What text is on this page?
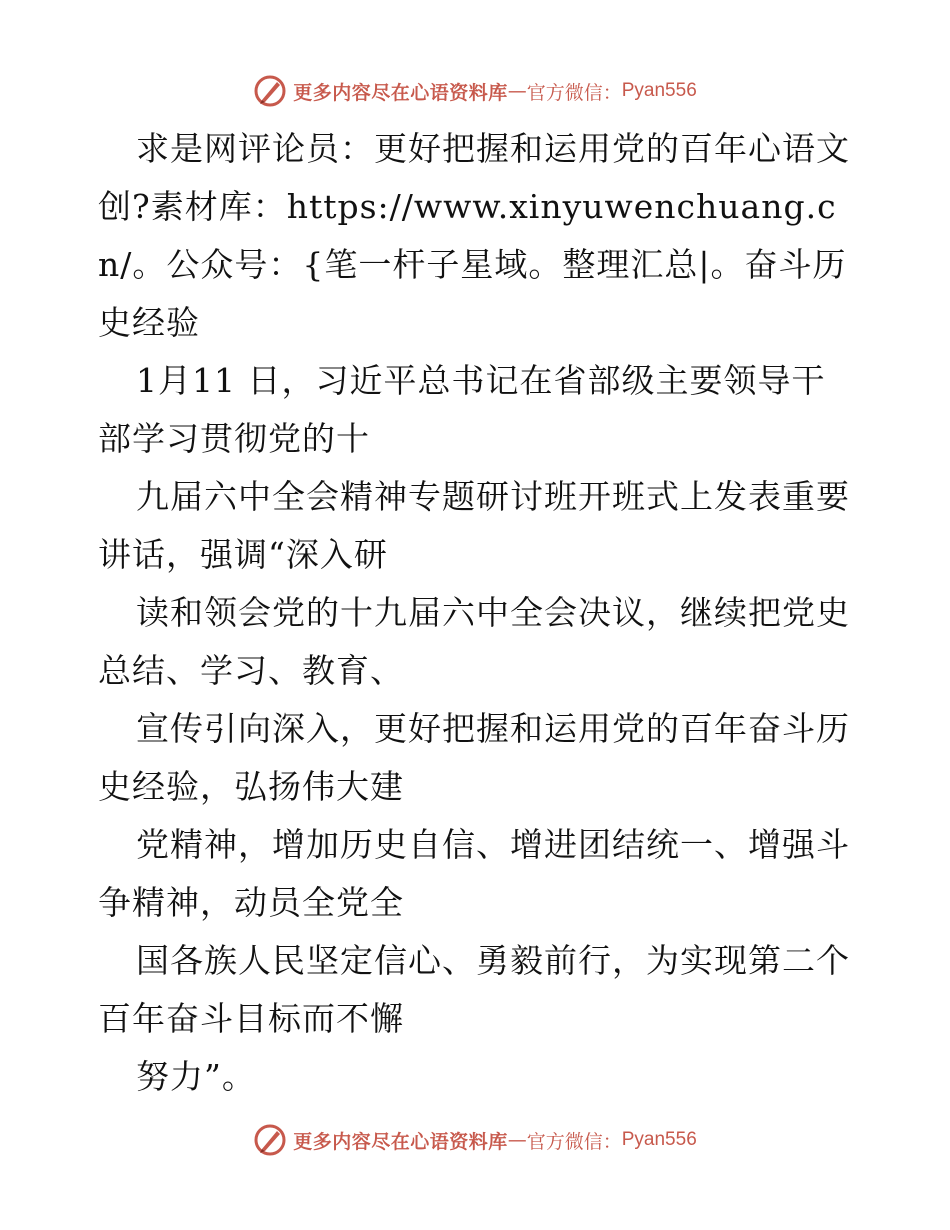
更多内容尽在心语资料库 — 官方微信： Pyan556

求是网评论员：更好把握和运用党的百年心语文创?素材库：https://www.xinyuwenchuang.cn/。公众号：{笔一杆子星域。整理汇总|。奋斗历史经验

1月11 日，习近平总书记在省部级主要领导干部学习贯彻党的十

九届六中全会精神专题研讨班开班式上发表重要讲话，强调“深入研

读和领会党的十九届六中全会决议，继续把党史总结、学习、教育、

宣传引向深入，更好把握和运用党的百年奋斗历史经验，弘扬伟大建

党精神，增加历史自信、增进团结统一、增强斗争精神，动员全党全

国各族人民坚定信心、勇毅前行，为实现第二个百年奋斗目标而不懈

努力”。

更多内容尽在心语资料库 — 官方微信： Pyan556
